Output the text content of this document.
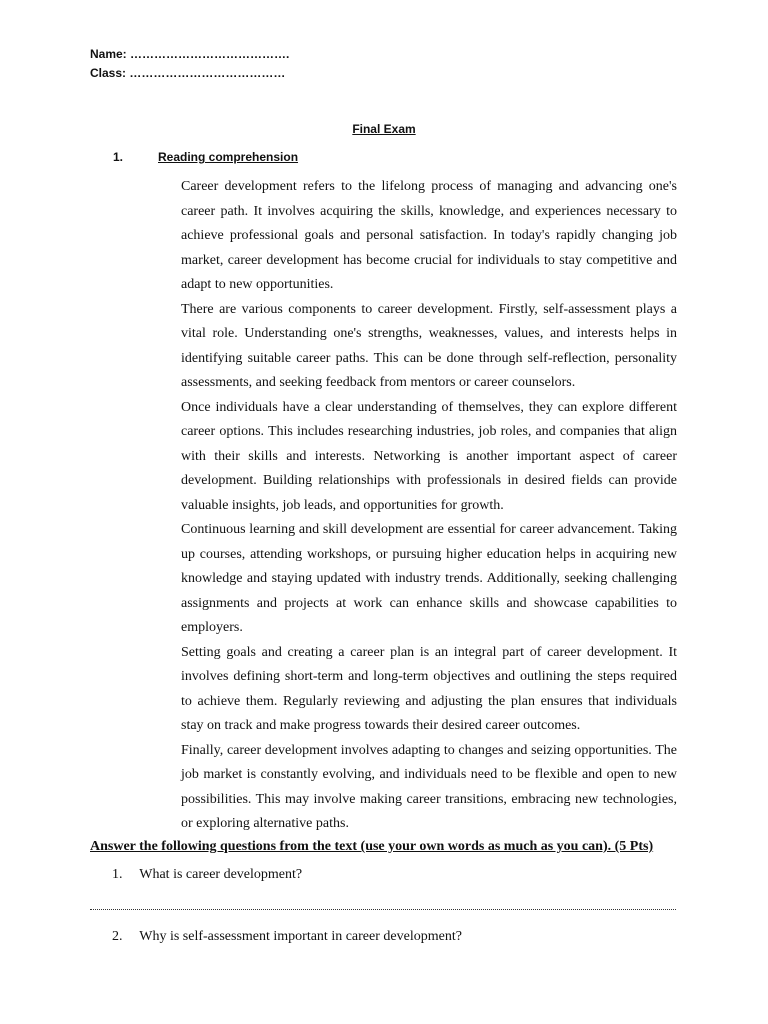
Name: ………………………………….
Class: …………………………………
Final Exam
1.	Reading comprehension

Career development refers to the lifelong process of managing and advancing one's career path. It involves acquiring the skills, knowledge, and experiences necessary to achieve professional goals and personal satisfaction. In today's rapidly changing job market, career development has become crucial for individuals to stay competitive and adapt to new opportunities.

There are various components to career development. Firstly, self-assessment plays a vital role. Understanding one's strengths, weaknesses, values, and interests helps in identifying suitable career paths. This can be done through self-reflection, personality assessments, and seeking feedback from mentors or career counselors.

Once individuals have a clear understanding of themselves, they can explore different career options. This includes researching industries, job roles, and companies that align with their skills and interests. Networking is another important aspect of career development. Building relationships with professionals in desired fields can provide valuable insights, job leads, and opportunities for growth.

Continuous learning and skill development are essential for career advancement. Taking up courses, attending workshops, or pursuing higher education helps in acquiring new knowledge and staying updated with industry trends. Additionally, seeking challenging assignments and projects at work can enhance skills and showcase capabilities to employers.

Setting goals and creating a career plan is an integral part of career development. It involves defining short-term and long-term objectives and outlining the steps required to achieve them. Regularly reviewing and adjusting the plan ensures that individuals stay on track and make progress towards their desired career outcomes.

Finally, career development involves adapting to changes and seizing opportunities. The job market is constantly evolving, and individuals need to be flexible and open to new possibilities. This may involve making career transitions, embracing new technologies, or exploring alternative paths.

Answer the following questions from the text (use your own words as much as you can). (5 Pts)
1. What is career development?
2. Why is self-assessment important in career development?
